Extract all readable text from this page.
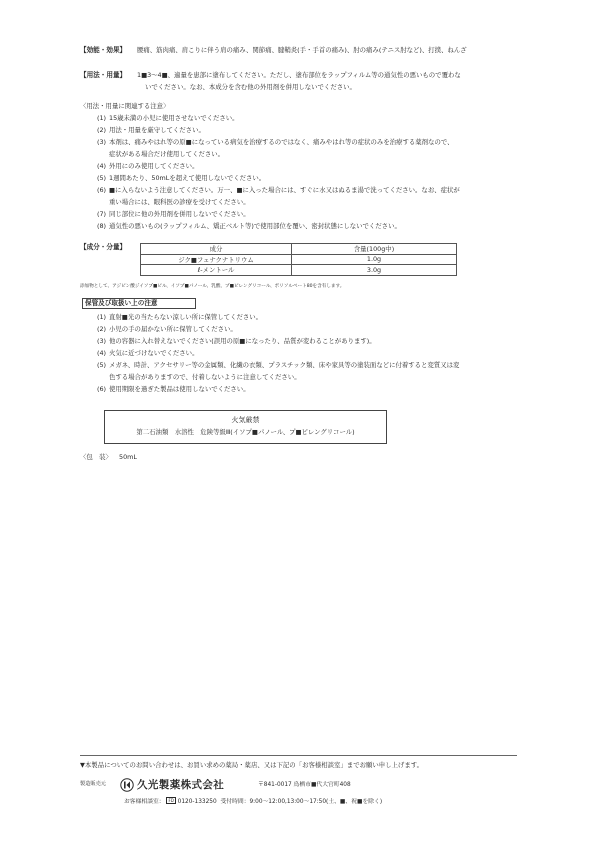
【効能・効果】 腰痛、筋肉痛、肩こりに伴う肩の痛み、関節痛、腱鞘炎(手・手首の痛み)、肘の痛み(テニス肘など)、打撲、ねんざ
【用法・用量】 1■3～4■、適量を患部に塗布してください。ただし、塗布部位をラップフィルム等の通気性の悪いもので覆わな
いでください。なお、本成分を含む他の外用剤を併用しないでください。
〈用法・用量に関連する注意〉
(1) 15歳未満の小児に使用させないでください。
(2) 用法・用量を厳守してください。
(3) 本剤は、痛みやはれ等の原■になっている病気を治療するのではなく、痛みやはれ等の症状のみを治療する薬剤なので、
症状がある場合だけ使用してください。
(4) 外用にのみ使用してください。
(5) 1週間あたり、50mLを超えて使用しないでください。
(6) ■に入らないよう注意してください。万一、■に入った場合には、すぐに水又はぬるま湯で洗ってください。なお、症状が
重い場合には、眼科医の診療を受けてください。
(7) 同じ部位に他の外用剤を併用しないでください。
(8) 通気性の悪いもの(ラップフィルム、矯正ベルト等)で使用部位を覆い、密封状態にしないでください。
【成分・分量】	成分	含量(100g中)
ジク■フェナクナトリウム	1.0g
ℓ-メントール	3.0g
添加物として、アジピン酸ジイソプ■ピル、イソプ■パノール、乳酸、プ■ピレングリコール、ポリソルベート80を含有します。
保管及び取扱い上の注意
(1) 直射■光の当たらない涼しい所に保管してください。
(2) 小児の手の届かない所に保管してください。
(3) 他の容器に入れ替えないでください(誤用の原■になったり、品質が変わることがあります)。
(4) 火気に近づけないでください。
(5) メガネ、時計、アクセサリー等の金属類、化繊の衣類、プラスチック類、床や家具等の塗装面などに付着すると変質又は変
色する場合がありますので、付着しないように注意してください。
(6) 使用期限を過ぎた製品は使用しないでください。
火気厳禁
第二石油類　水溶性　危険等級Ⅲ(イソプ■パノール、プ■ピレングリコール)
〈包　装〉 50mL
▼本製品についてのお問い合わせは、お買い求めの薬局・薬店、又は下記の「お客様相談室」までお願い申し上げます。
製造販売元	久光製薬株式会社	〒841-0017 鳥栖市■代大官町408
お客様相談室： FD 0120-133250 受付時間：9:00～12:00,13:00～17:50(土、■、祝■を除く)
